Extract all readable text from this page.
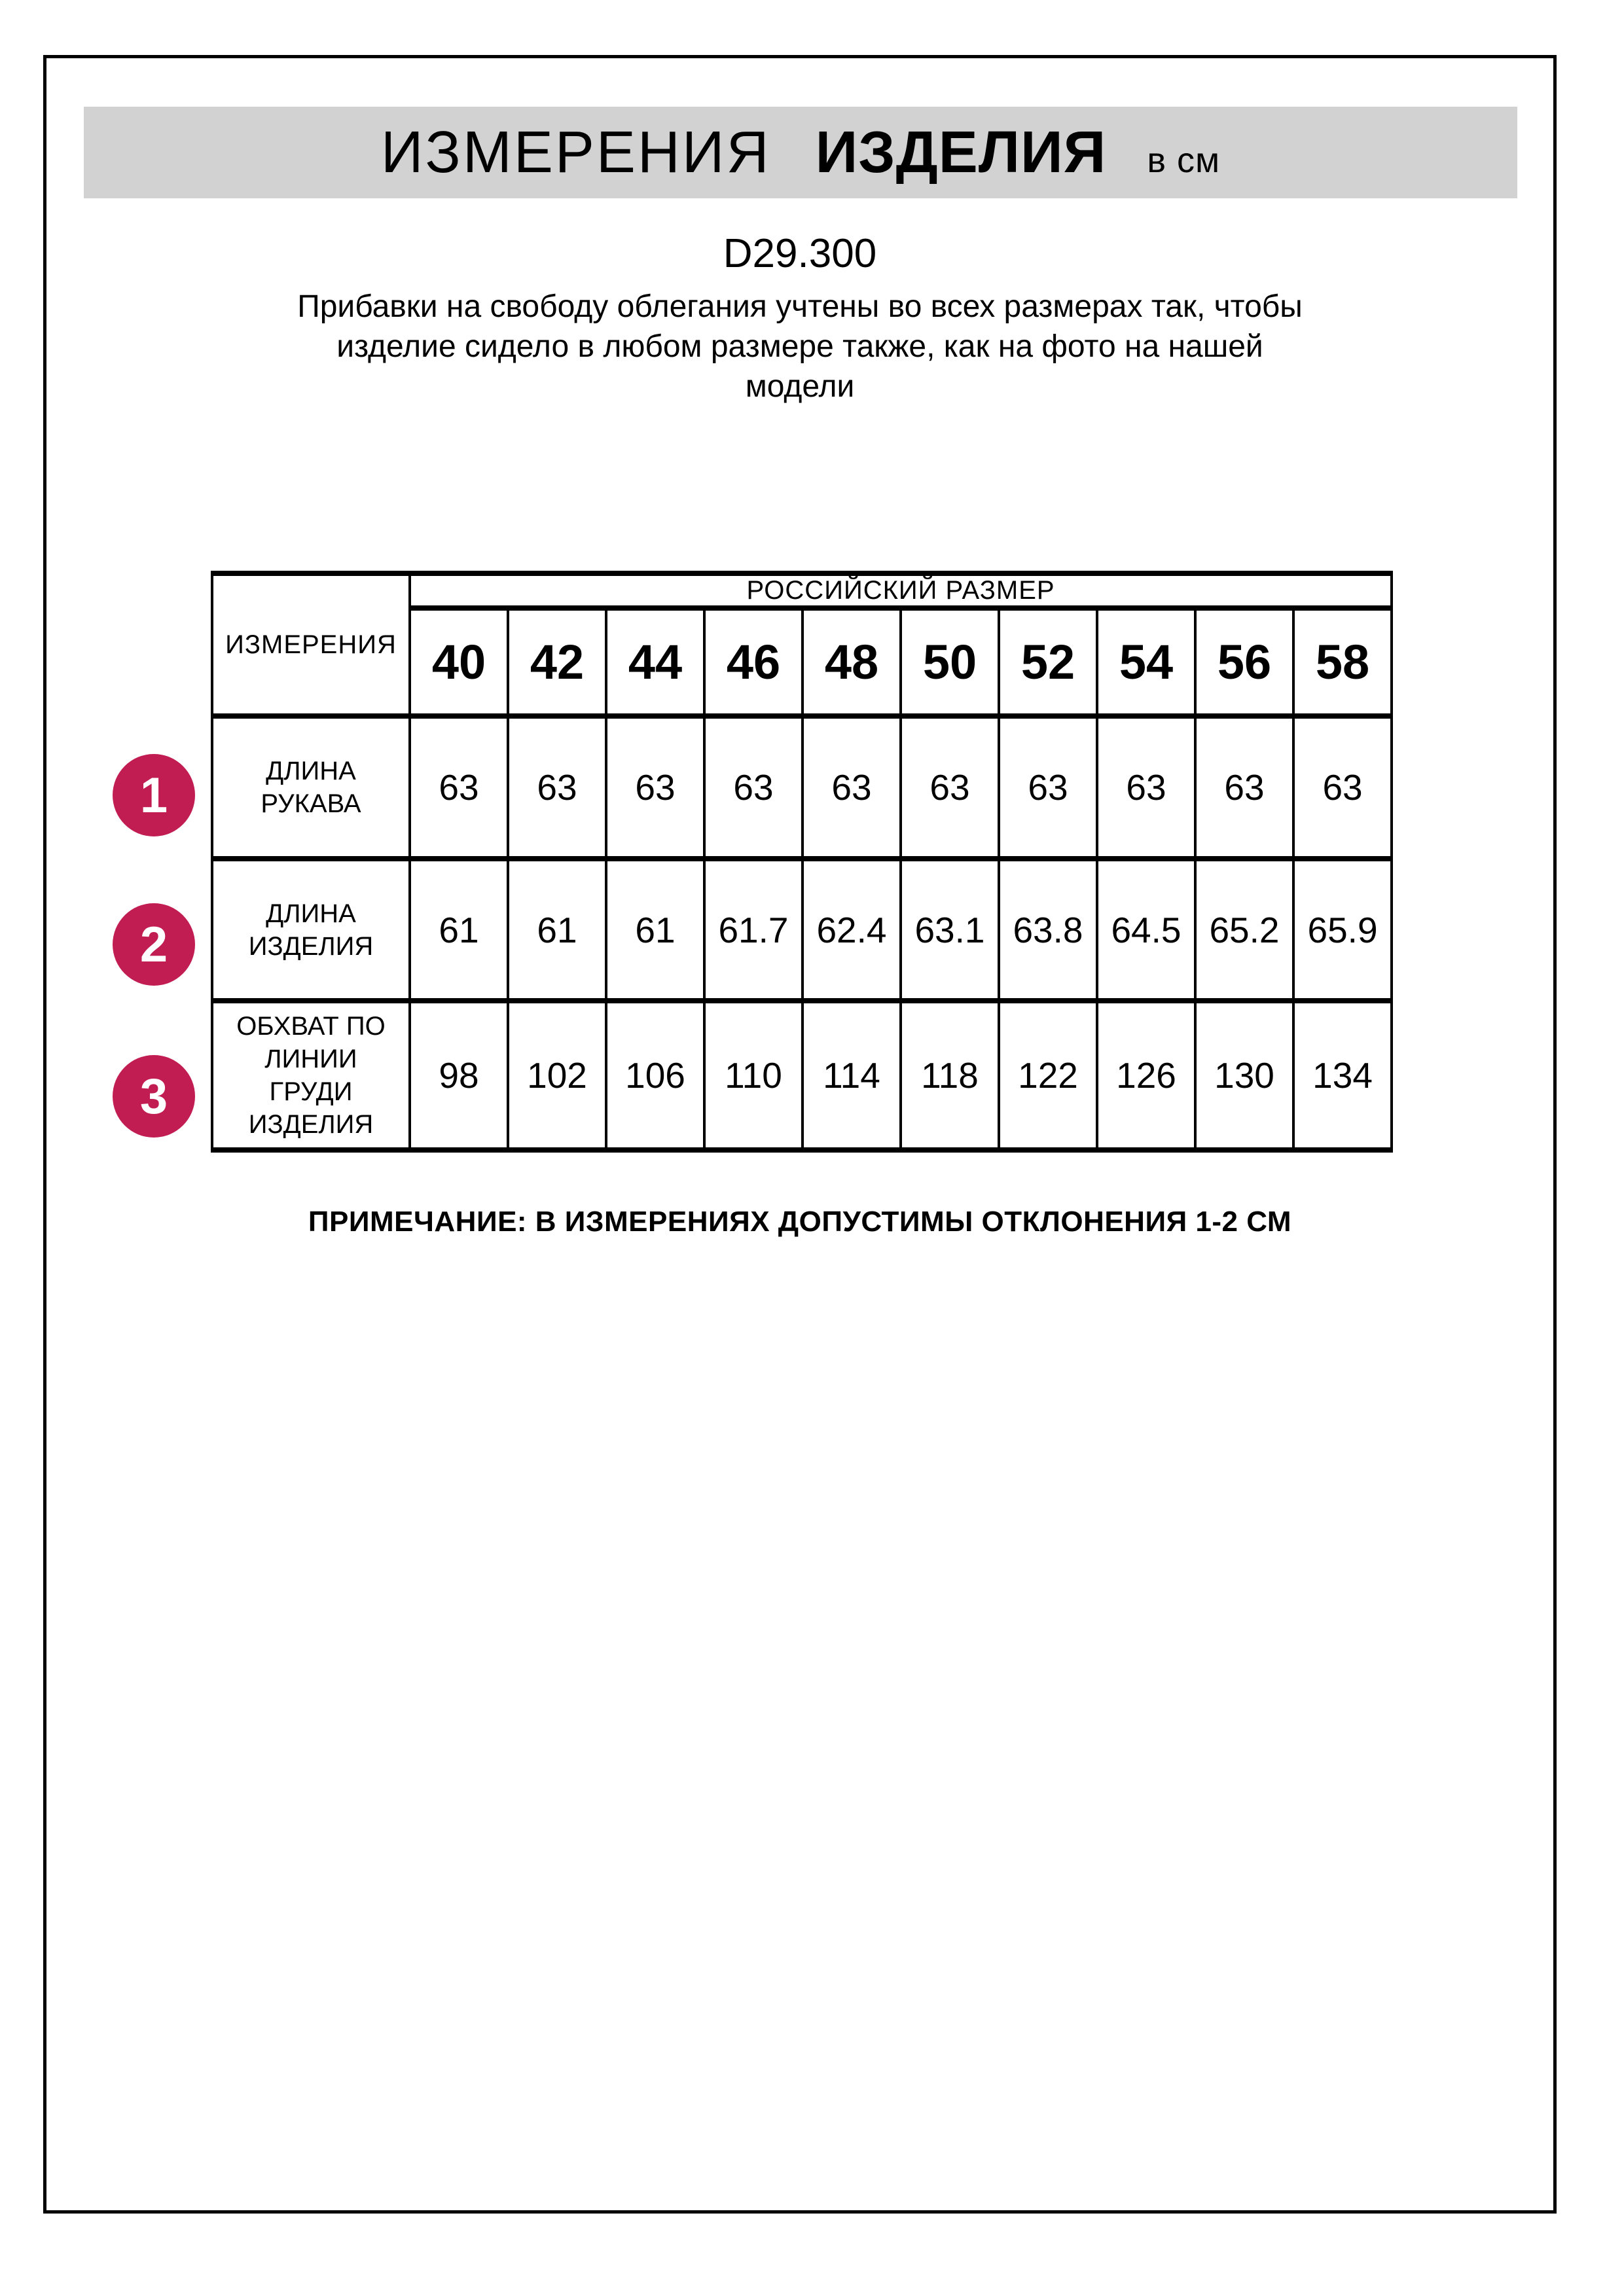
ИЗМЕРЕНИЯ ИЗДЕЛИЯ в см
D29.300
Прибавки на свободу облегания учтены во всех размерах так, чтобы
изделие сидело в любом размере также, как на фото на нашей
модели
ИЗМЕРЕНИЯ	РОССИЙСКИЙ РАЗМЕР									
	40	42	44	46	48	50	52	54	56	58

ДЛИНА РУКАВА	63	63	63	63	63	63	63	63	63	63

ДЛИНА ИЗДЕЛИЯ	61	61	61	61.7	62.4	63.1	63.8	64.5	65.2	65.9

ОБХВАТ ПО ЛИНИИ ГРУДИ ИЗДЕЛИЯ	98	102	106	110	114	118	122	126	130	134
1
2
3
ПРИМЕЧАНИЕ: В ИЗМЕРЕНИЯХ ДОПУСТИМЫ ОТКЛОНЕНИЯ 1-2 СМ
